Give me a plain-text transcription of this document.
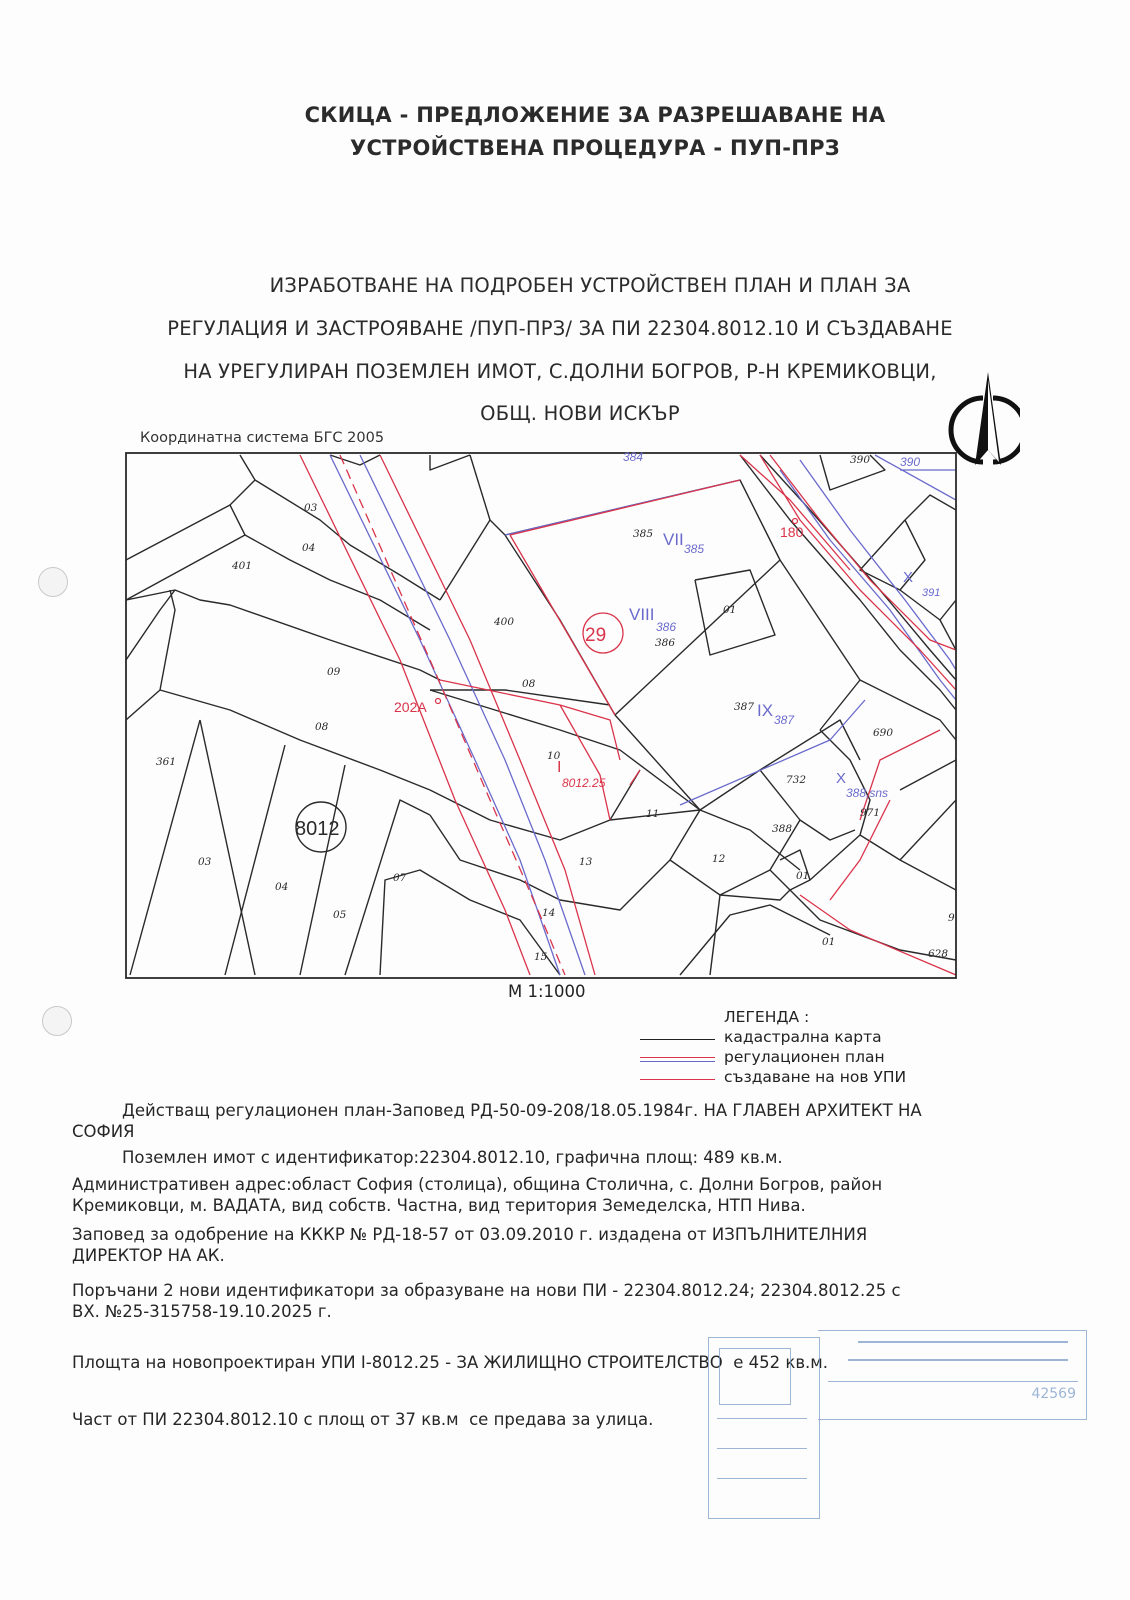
СКИЦА - ПРЕДЛОЖЕНИЕ ЗА РАЗРЕШАВАНЕ НА
УСТРОЙСТВЕНА ПРОЦЕДУРА - ПУП-ПРЗ
ИЗРАБОТВАНЕ НА ПОДРОБЕН УСТРОЙСТВЕН ПЛАН И ПЛАН ЗА
РЕГУЛАЦИЯ И ЗАСТРОЯВАНЕ /ПУП-ПРЗ/ ЗА ПИ 22304.8012.10 И СЪЗДАВАНЕ
НА УРЕГУЛИРАН ПОЗЕМЛЕН ИМОТ, С.ДОЛНИ БОГРОВ, Р-Н КРЕМИКОВЦИ,
ОБЩ. НОВИ ИСКЪР
Координатна система БГС 2005
384	390 390
03
04
401
385 VII 385
180
400
29
VIII
386
386
01
X
391
09
08
202А
08
387 IX 387
690
10
I
8012.25
361
732 X
388,sns
971
8012
11
388
13	12
03
04
07	01
05	14	9
01
15	628
М 1:1000
ЛЕГЕНДА :
кадастрална карта
регулационен план
създаване на нов УПИ
Действащ регулационен план-Заповед РД-50-09-208/18.05.1984г. НА ГЛАВЕН АРХИТЕКТ НА
СОФИЯ
Поземлен имот с идентификатор:22304.8012.10, графична площ: 489 кв.м.
Административен адрес:област София (столица), община Столична, с. Долни Богров, район
Кремиковци, м. ВАДАТА, вид собств. Частна, вид територия Земеделска, НТП Нива.
Заповед за одобрение на КККР № РД-18-57 от 03.09.2010 г. издадена от ИЗПЪЛНИТЕЛНИЯ
ДИРЕКТОР НА АК.
Поръчани 2 нови идентификатори за образуване на нови ПИ - 22304.8012.24; 22304.8012.25 с
ВХ. №25-315758-19.10.2025 г.
Площта на новопроектиран УПИ I-8012.25 - ЗА ЖИЛИЩНО СТРОИТЕЛСТВО  е 452 кв.м.
Част от ПИ 22304.8012.10 с площ от 37 кв.м  се предава за улица.
42569
